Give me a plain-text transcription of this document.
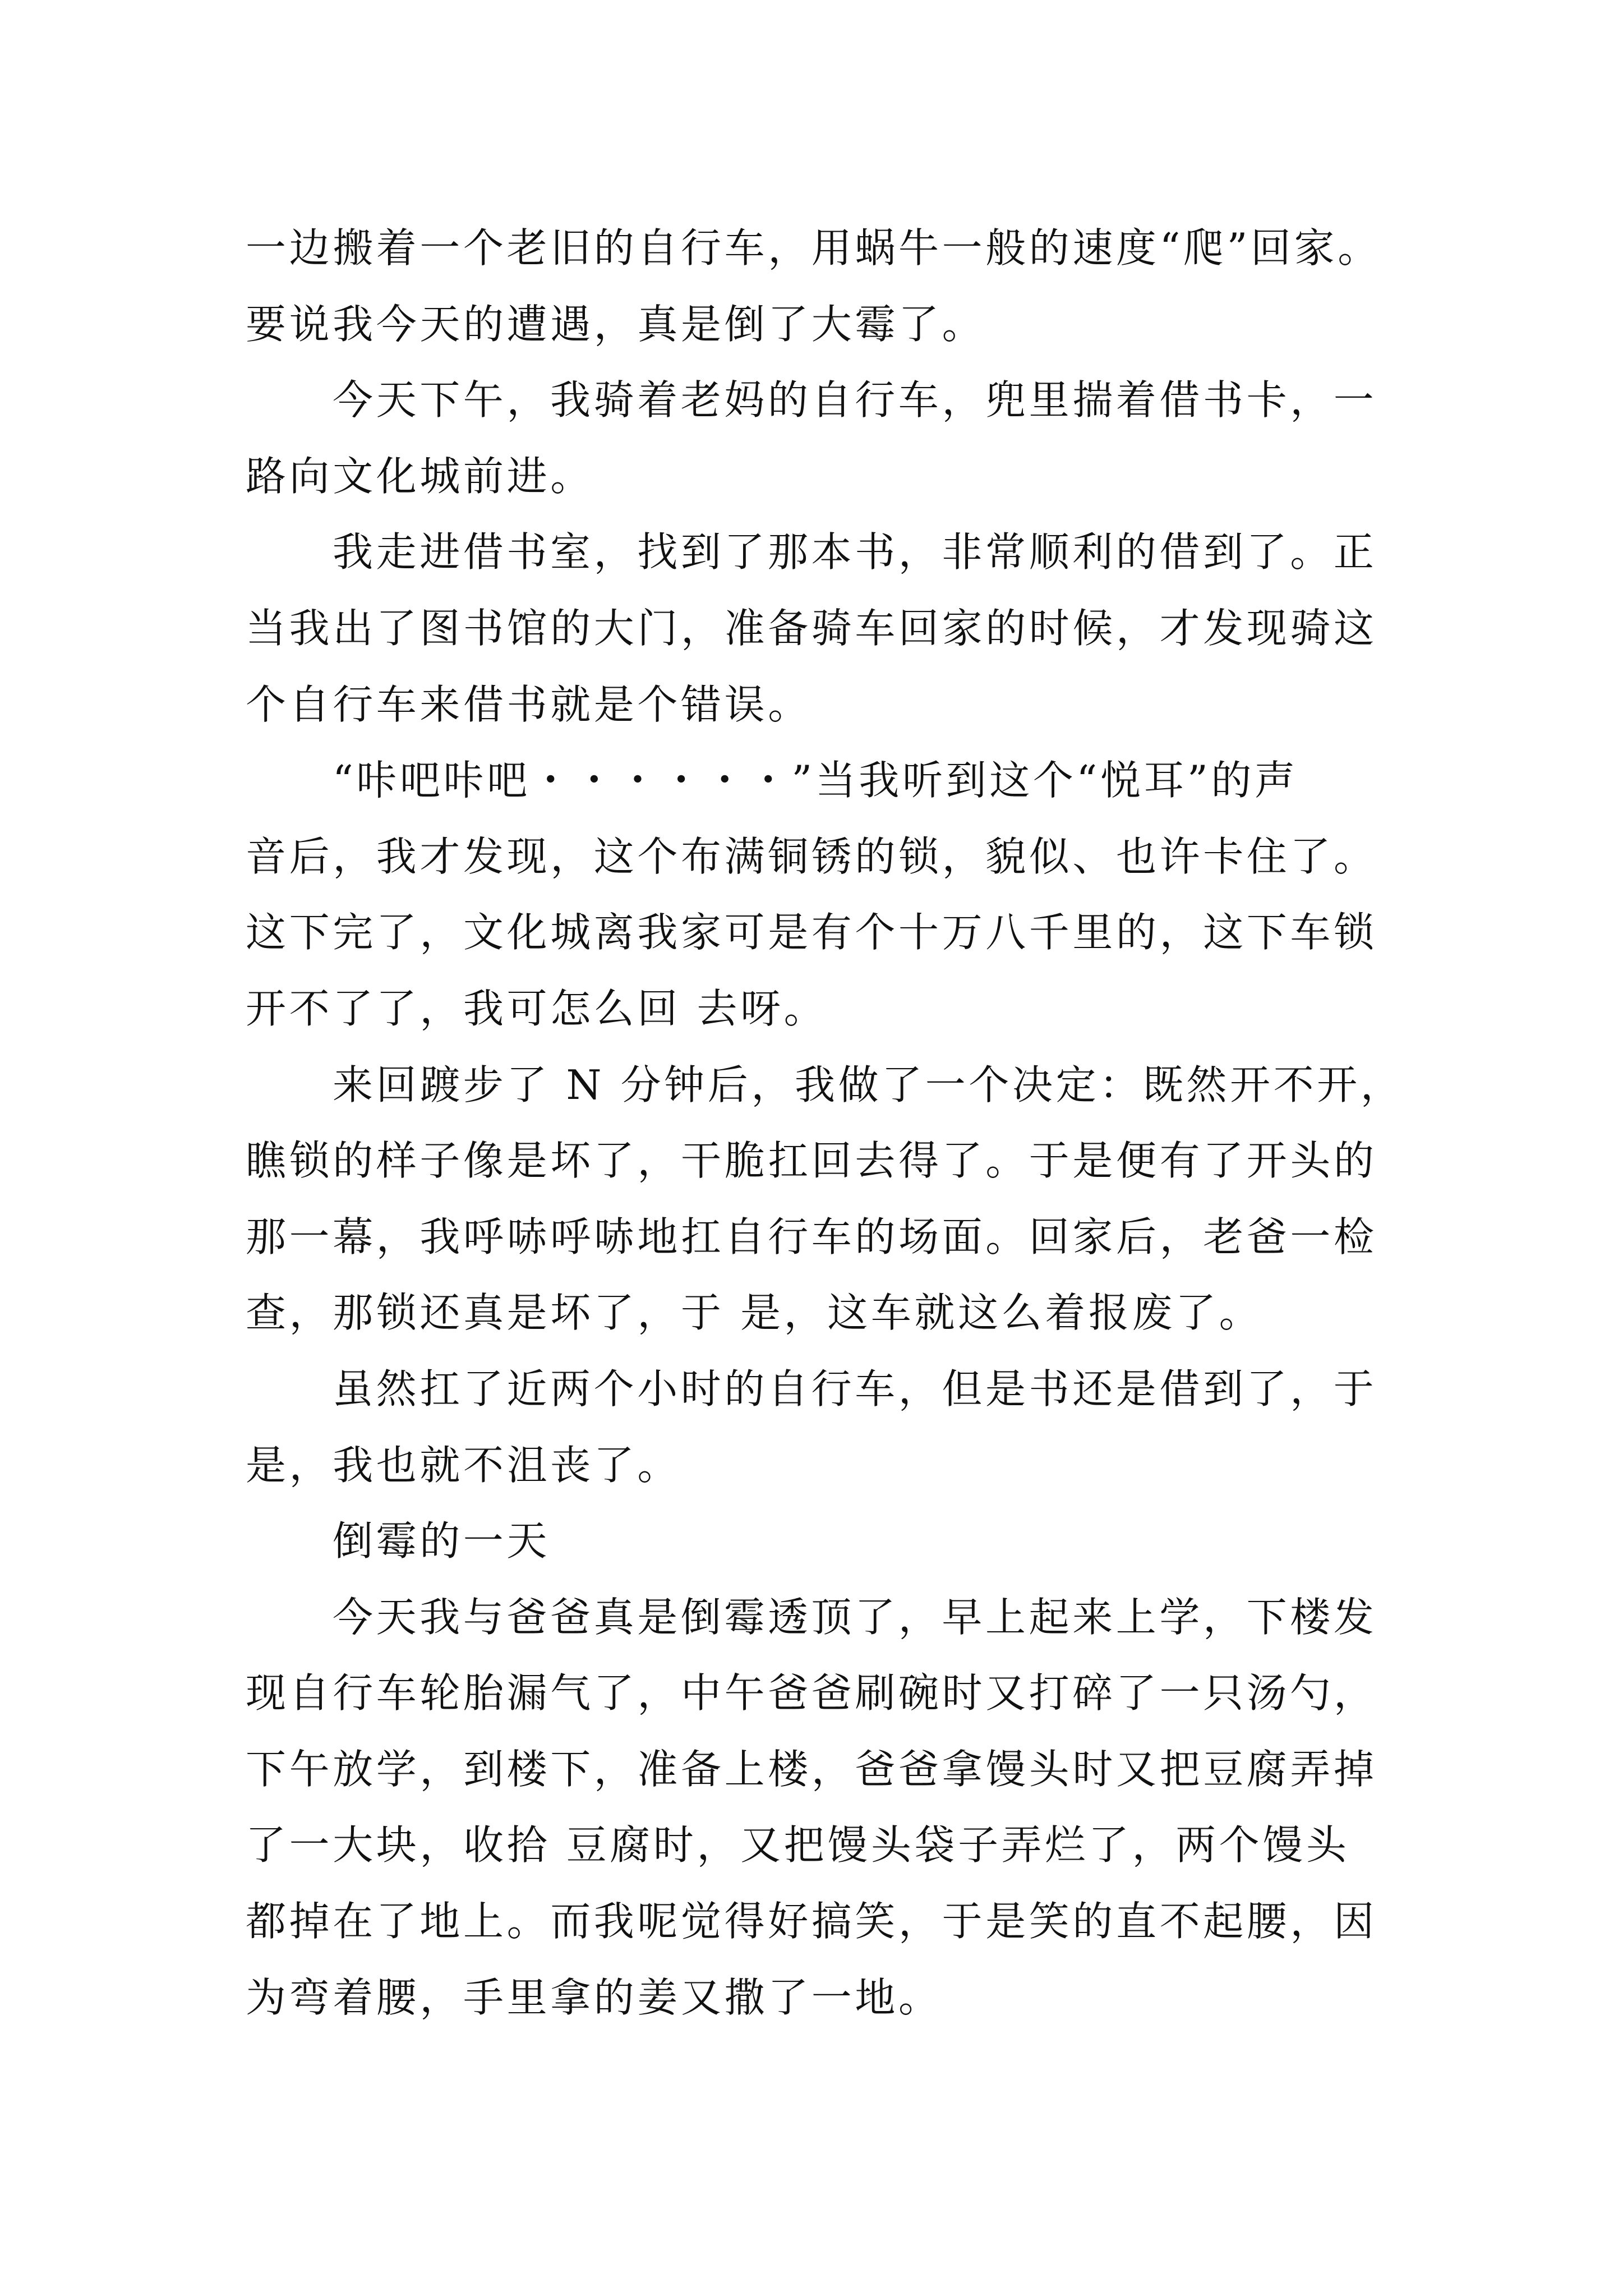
一边搬着一个老旧的自行车，用蜗牛一般的速度“爬”回家。
要说我今天的遭遇，真是倒了大霉了。
今天下午，我骑着老妈的自行车，兜里揣着借书卡，一
路向文化城前进。
我走进借书室，找到了那本书，非常顺利的借到了。正
当我出了图书馆的大门，准备骑车回家的时候，才发现骑这
个自行车来借书就是个错误。
“咔吧咔吧・・・・・・”当我听到这个“悦耳”的声
音后，我才发现，这个布满铜锈的锁，貌似、也许卡住了。
这下完了，文化城离我家可是有个十万八千里的，这下车锁
开不了了，我可怎么回 去呀。
来回踱步了 N 分钟后，我做了一个决定：既然开不开，
瞧锁的样子像是坏了，干脆扛回去得了。于是便有了开头的
那一幕，我呼哧呼哧地扛自行车的场面。回家后，老爸一检
查，那锁还真是坏了，于 是，这车就这么着报废了。
虽然扛了近两个小时的自行车，但是书还是借到了，于
是，我也就不沮丧了。
倒霉的一天
今天我与爸爸真是倒霉透顶了，早上起来上学，下楼发
现自行车轮胎漏气了，中午爸爸刷碗时又打碎了一只汤勺，
下午放学，到楼下，准备上楼，爸爸拿馒头时又把豆腐弄掉
了一大块，收拾 豆腐时，又把馒头袋子弄烂了，两个馒头
都掉在了地上。而我呢觉得好搞笑，于是笑的直不起腰，因
为弯着腰，手里拿的姜又撒了一地。
